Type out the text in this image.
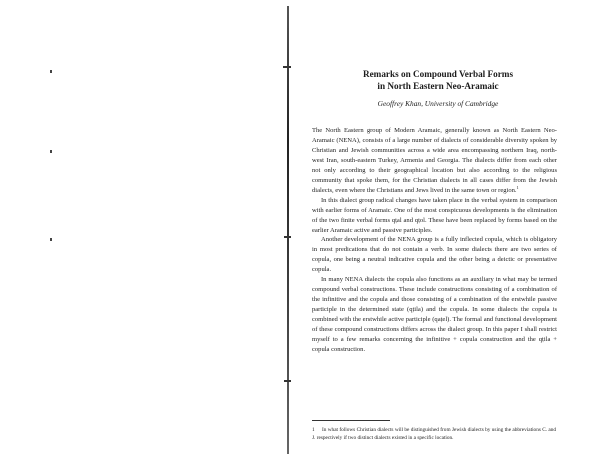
Remarks on Compound Verbal Forms
in North Eastern Neo-Aramaic
Geoffrey Khan, University of Cambridge

The North Eastern group of Modern Aramaic, generally known as North Eastern Neo-Aramaic (NENA), consists of a large number of dialects of considerable diversity spoken by Christian and Jewish communities across a wide area encompassing northern Iraq, north-west Iran, south-eastern Turkey, Armenia and Georgia. The dialects differ from each other not only according to their geographical location but also according to the religious community that spoke them, for the Christian dialects in all cases differ from the Jewish dialects, even where the Christians and Jews lived in the same town or region.$^1$

In this dialect group radical changes have taken place in the verbal system in comparison with earlier forms of Aramaic. One of the most conspicuous developments is the elimination of the two finite verbal forms qṭal and qṭol. These have been replaced by forms based on the earlier Aramaic active and passive participles.

Another development of the NENA group is a fully inflected copula, which is obligatory in most predications that do not contain a verb. In some dialects there are two series of copula, one being a neutral indicative copula and the other being a deictic or presentative copula.

In many NENA dialects the copula also functions as an auxiliary in what may be termed compound verbal constructions. These include constructions consisting of a combination of the infinitive and the copula and those consisting of a combination of the erstwhile passive participle in the determined state (qṭila) and the copula. In some dialects the copula is combined with the erstwhile active participle (qaṭel). The formal and functional development of these compound constructions differs across the dialect group. In this paper I shall restrict myself to a few remarks concerning the infinitive + copula construction and the qṭila + copula construction.

1 In what follows Christian dialects will be distinguished from Jewish dialects by using the abbreviations C. and J. respectively if two distinct dialects existed in a specific location.
